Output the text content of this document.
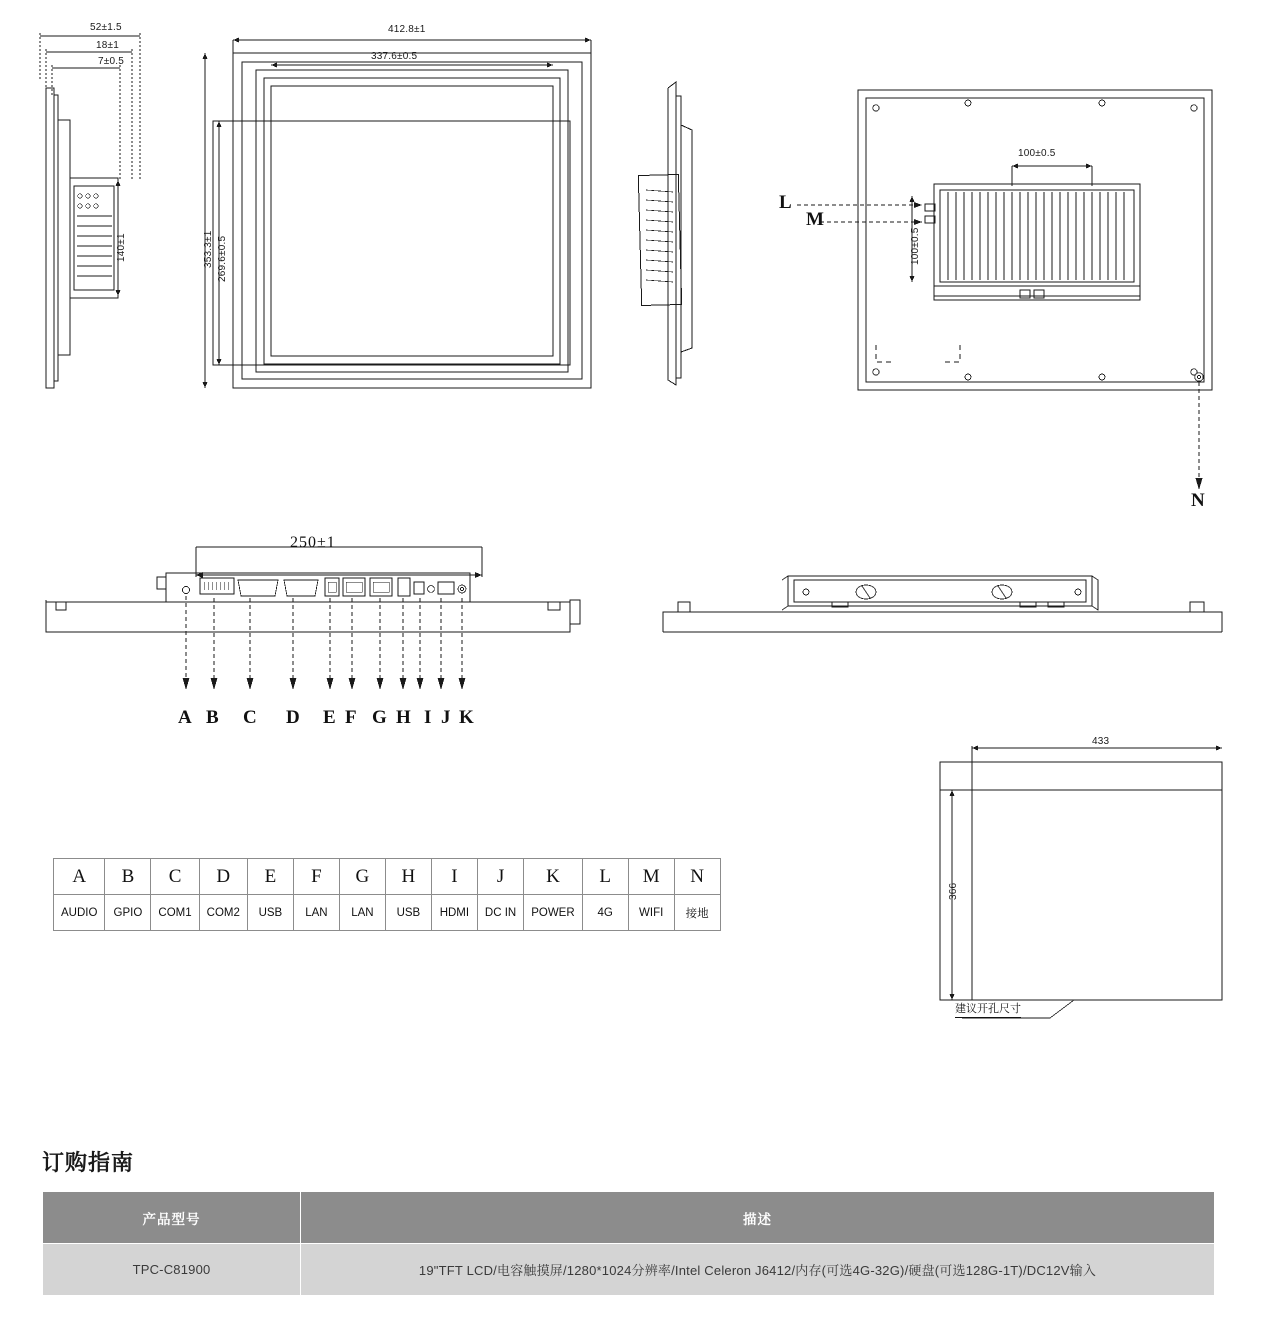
52±1.5
18±1
7±0.5
140±1
412.8±1
337.6±0.5
353.3±1 269.6±0.5
100±0.5
100±0.5
L
M
N
250±1
A B C D E F G H I J K
A	B	C	D	E	F	G	H	I	J	K	L	M	N
AUDIO	GPIO	COM1	COM2	USB	LAN	LAN	USB	HDMI	DC IN	POWER	4G	WIFI	接地
433
366
建议开孔尺寸
订购指南
产品型号	描述
TPC-C81900	19"TFT LCD/电容触摸屏/1280*1024分辨率/Intel Celeron J6412/内存(可选4G-32G)/硬盘(可选128G-1T)/DC12V输入
